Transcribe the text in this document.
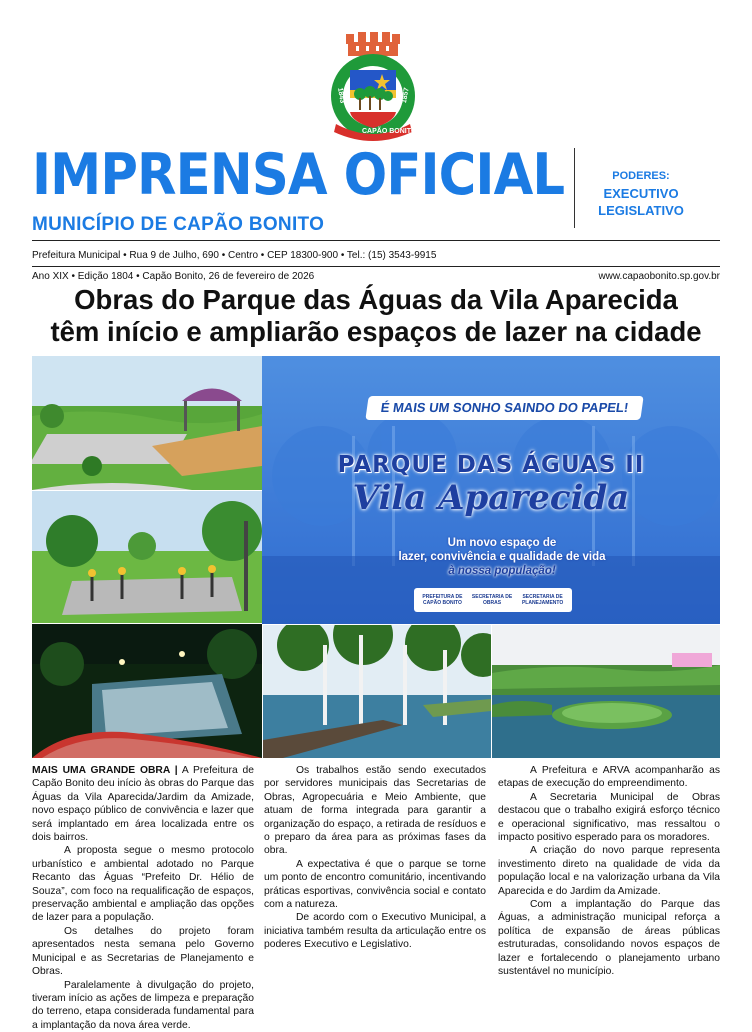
CAPÃO BONITO
1843	1857
IMPRENSA OFICIAL
MUNICÍPIO DE CAPÃO BONITO
PODERES:
EXECUTIVO
LEGISLATIVO
Prefeitura Municipal • Rua 9 de Julho, 690 • Centro • CEP 18300-900 • Tel.: (15) 3543-9915
Ano XIX • Edição 1804 • Capão Bonito, 26 de fevereiro de 2026	www.capaobonito.sp.gov.br
Obras do Parque das Águas da Vila Aparecida
têm início e ampliarão espaços de lazer na cidade

É MAIS UM SONHO SAINDO DO PAPEL!
PARQUE DAS ÁGUAS II
Vila Aparecida
Um novo espaço de
lazer, convivência e qualidade de vida
à nossa população!
PREFEITURA DE CAPÃO BONITO
SECRETARIA DE OBRAS
SECRETARIA DE PLANEJAMENTO

MAIS UMA GRANDE OBRA | A Prefeitura de Capão Bonito deu início às obras do Parque das Águas da Vila Aparecida/Jardim da Amizade, novo espaço público de convivência e lazer que será implantado em área localizada entre os dois bairros.

A proposta segue o mesmo protocolo urbanístico e ambiental adotado no Parque Recanto das Águas “Prefeito Dr. Hélio de Souza”, com foco na requalificação de espaços, preservação ambiental e ampliação das opções de lazer para a população.

Os detalhes do projeto foram apresentados nesta semana pelo Governo Municipal e as Secretarias de Planejamento e Obras.

Paralelamente à divulgação do projeto, tiveram início as ações de limpeza e preparação do terreno, etapa considerada fundamental para a implantação da nova área verde.

Os trabalhos estão sendo executados por servidores municipais das Secretarias de Obras, Agropecuária e Meio Ambiente, que atuam de forma integrada para garantir a organização do espaço, a retirada de resíduos e o preparo da área para as próximas fases da obra.

A expectativa é que o parque se torne um ponto de encontro comunitário, incentivando práticas esportivas, convivência social e contato com a natureza.

De acordo com o Executivo Municipal, a iniciativa também resulta da articulação entre os poderes Executivo e Legislativo.

A Prefeitura e ARVA acompanharão as etapas de execução do empreendimento.

A Secretaria Municipal de Obras destacou que o trabalho exigirá esforço técnico e operacional significativo, mas ressaltou o impacto positivo esperado para os moradores.

A criação do novo parque representa investimento direto na qualidade de vida da população local e na valorização urbana da Vila Aparecida e do Jardim da Amizade.

Com a implantação do Parque das Águas, a administração municipal reforça a política de expansão de áreas públicas estruturadas, consolidando novos espaços de lazer e fortalecendo o planejamento urbano sustentável no município.
